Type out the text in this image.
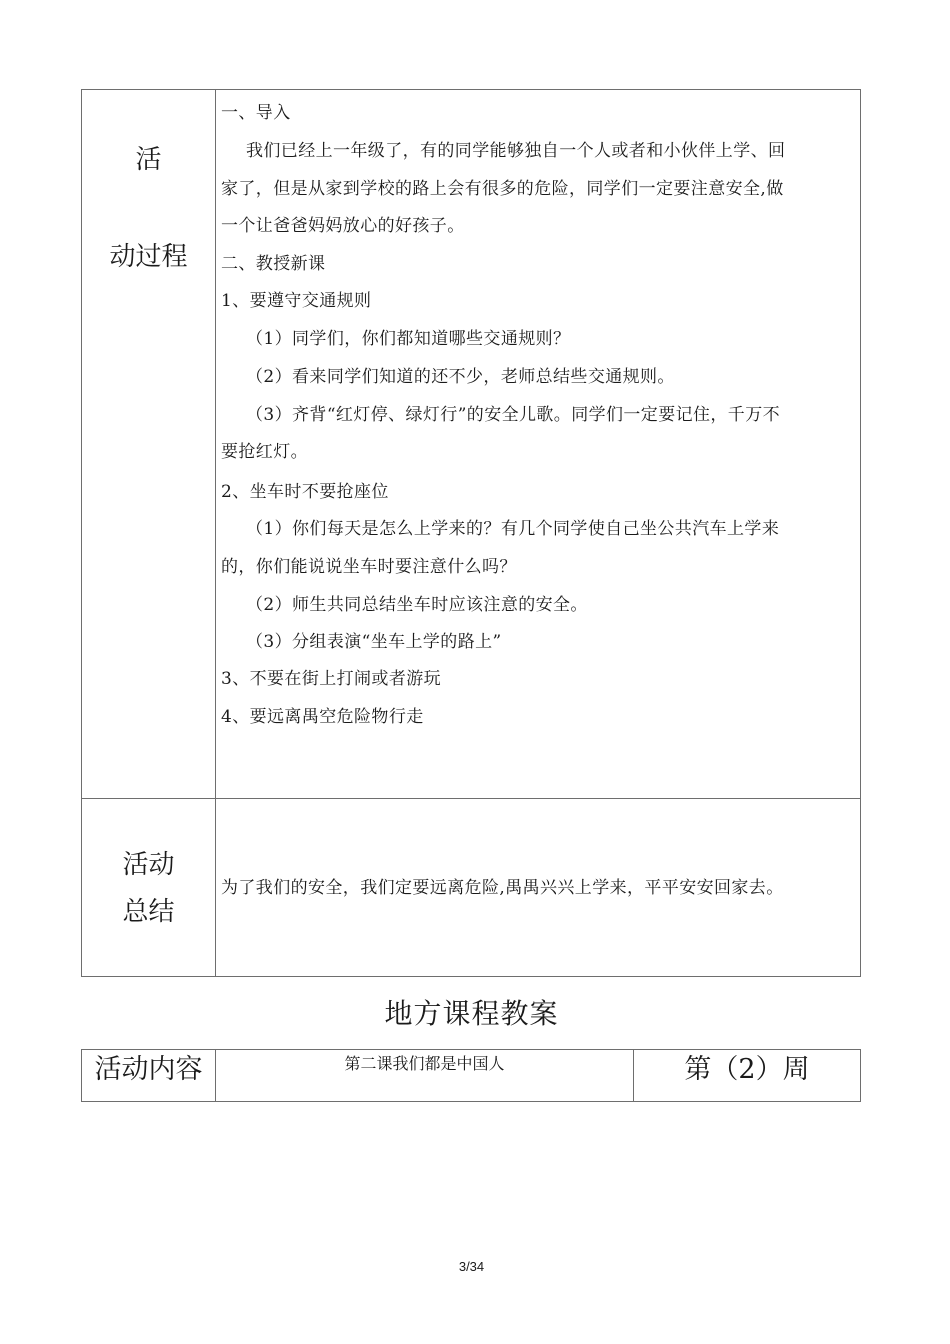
活
动过程
一、导入
我们已经上一年级了，有的同学能够独自一个人或者和小伙伴上学、回
家了，但是从家到学校的路上会有很多的危险，同学们一定要注意安全,做
一个让爸爸妈妈放心的好孩子。
二、教授新课
1、要遵守交通规则
（1）同学们，你们都知道哪些交通规则？
（2）看来同学们知道的还不少，老师总结些交通规则。
（3）齐背“红灯停、绿灯行”的安全儿歌。同学们一定要记住，千万不
要抢红灯。
2、坐车时不要抢座位
（1）你们每天是怎么上学来的？有几个同学使自己坐公共汽车上学来
的，你们能说说坐车时要注意什么吗？
（2）师生共同总结坐车时应该注意的安全。
（3）分组表演“坐车上学的路上”
3、不要在街上打闹或者游玩
4、要远离禺空危险物行走
活动
总结
为了我们的安全，我们定要远离危险,禺禺兴兴上学来，平平安安回家去。
地方课程教案
活动内容	第二课我们都是中国人	第（2）周
3/34
